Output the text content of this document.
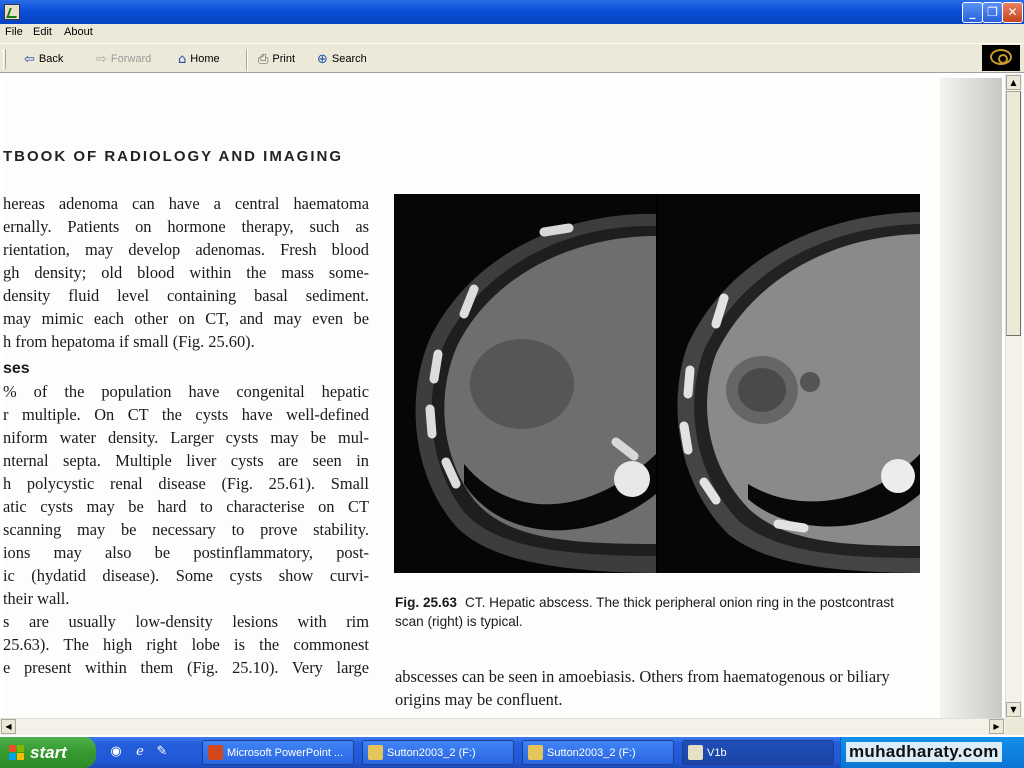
_ ❐ ✕
File Edit About
⇦ Back	⇨ Forward ⌂ Home	⎙ Print ⊕ Search
TBOOK OF RADIOLOGY AND IMAGING
hereas adenoma can have a central haematoma
ernally. Patients on hormone therapy, such as
rientation, may develop adenomas. Fresh blood
gh density; old blood within the mass some-
density fluid level containing basal sediment.
may mimic each other on CT, and may even be
h from hepatoma if small (Fig. 25.60).
ses
% of the population have congenital hepatic
r multiple. On CT the cysts have well-defined
niform water density. Larger cysts may be mul-
nternal septa. Multiple liver cysts are seen in
h polycystic renal disease (Fig. 25.61). Small
atic cysts may be hard to characterise on CT
scanning may be necessary to prove stability.
ions may also be postinflammatory, post-
ic (hydatid disease). Some cysts show curvi-
their wall.
s are usually low-density lesions with rim
25.63). The high right lobe is the commonest
e present within them (Fig. 25.10). Very large
Fig. 25.63 CT. Hepatic abscess. The thick peripheral onion ring in the postcontrast scan (right) is typical.
abscesses can be seen in amoebiasis. Others from haematogenous or biliary origins may be confluent.
▲
▼
◀	▶
start	◉	ℯ ✎	Microsoft PowerPoint ...	Sutton2003_2 (F:)	Sutton2003_2 (F:)	V1b	muhadharaty.com
